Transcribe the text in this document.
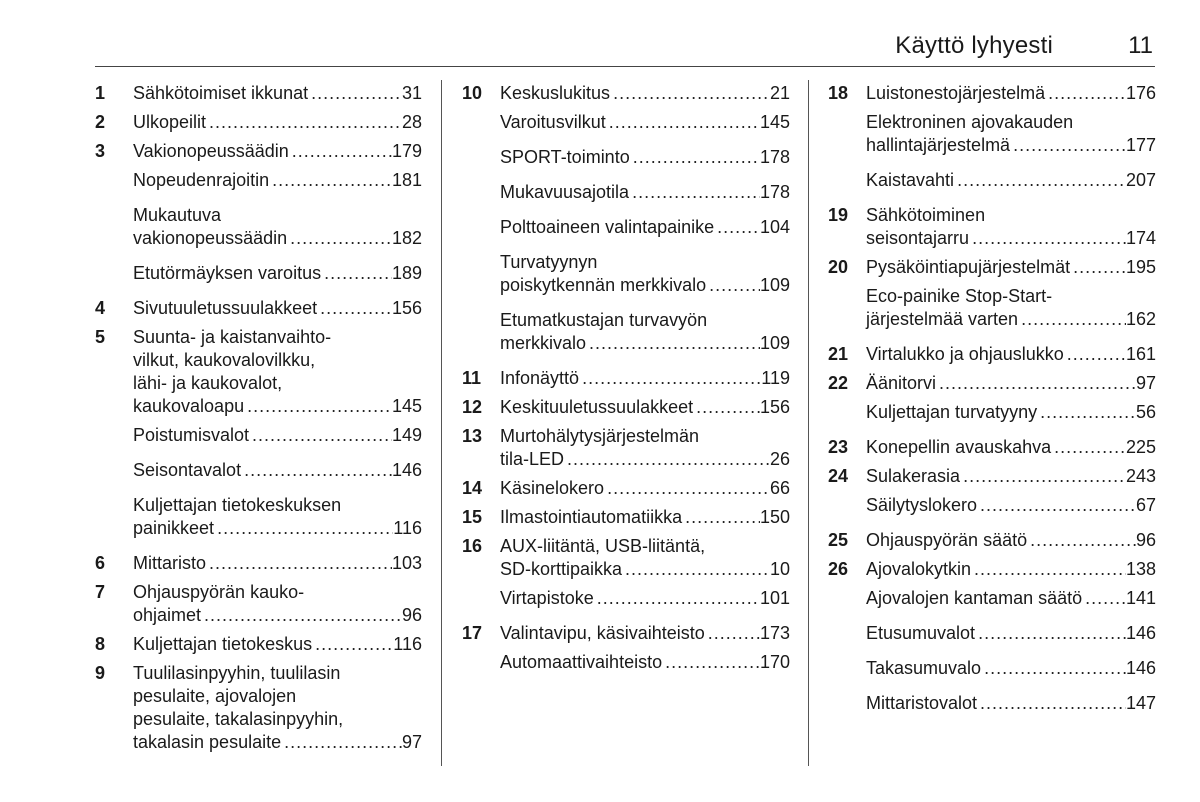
Käyttö lyhyesti	11
1	Sähkötoimiset ikkunat .....	31
2	Ulkopeilit .....	28
3	Vakionopeussäädin .....	179
Nopeudenrajoitin .....	181
Mukautuva
vakionopeussäädin .....	182
Etutörmäyksen varoitus .....	189
4	Sivutuuletussuulakkeet .....	156
5	Suunta- ja kaistanvaihto-
vilkut, kaukovalovilkku,
lähi- ja kaukovalot,
kaukovaloapu .....	145
Poistumisvalot .....	149
Seisontavalot .....	146
Kuljettajan tietokeskuksen
painikkeet .....	116
6	Mittaristo .....	103
7	Ohjauspyörän kauko-
ohjaimet .....	96
8	Kuljettajan tietokeskus .....	116
9	Tuulilasinpyyhin, tuulilasin
pesulaite, ajovalojen
pesulaite, takalasinpyyhin,
takalasin pesulaite .....	97
10 Keskuslukitus .....	21
Varoitusvilkut .....	145
SPORT-toiminto .....	178
Mukavuusajotila .....	178
Polttoaineen valintapainike .....	104
Turvatyynyn
poiskytkennän merkkivalo .....	109
Etumatkustajan turvavyön
merkkivalo .....	109
11	Infonäyttö .....	119
12 Keskituuletussuulakkeet .....	156
13 Murtohälytysjärjestelmän
tila-LED .....	26
14 Käsinelokero .....	66
15 Ilmastointiautomatiikka .....	150
16 AUX-liitäntä, USB-liitäntä,
SD-korttipaikka .....	10
Virtapistoke .....	101
17 Valintavipu, käsivaihteisto .....	173
Automaattivaihteisto .....	170
18 Luistonestojärjestelmä .....	176
Elektroninen ajovakauden
hallintajärjestelmä .....	177
Kaistavahti .....	207
19 Sähkötoiminen
seisontajarru .....	174
20 Pysäköintiapujärjestelmät .....	195
Eco-painike Stop-Start-
järjestelmää varten .....	162
21 Virtalukko ja ohjauslukko .....	161
22 Äänitorvi .....	97
Kuljettajan turvatyyny .....	56
23 Konepellin avauskahva .....	225
24 Sulakerasia .....	243
Säilytyslokero .....	67
25 Ohjauspyörän säätö .....	96
26 Ajovalokytkin .....	138
Ajovalojen kantaman säätö ..... 141
Etusumuvalot .....	146
Takasumuvalo .....	146
Mittaristovalot .....	147
